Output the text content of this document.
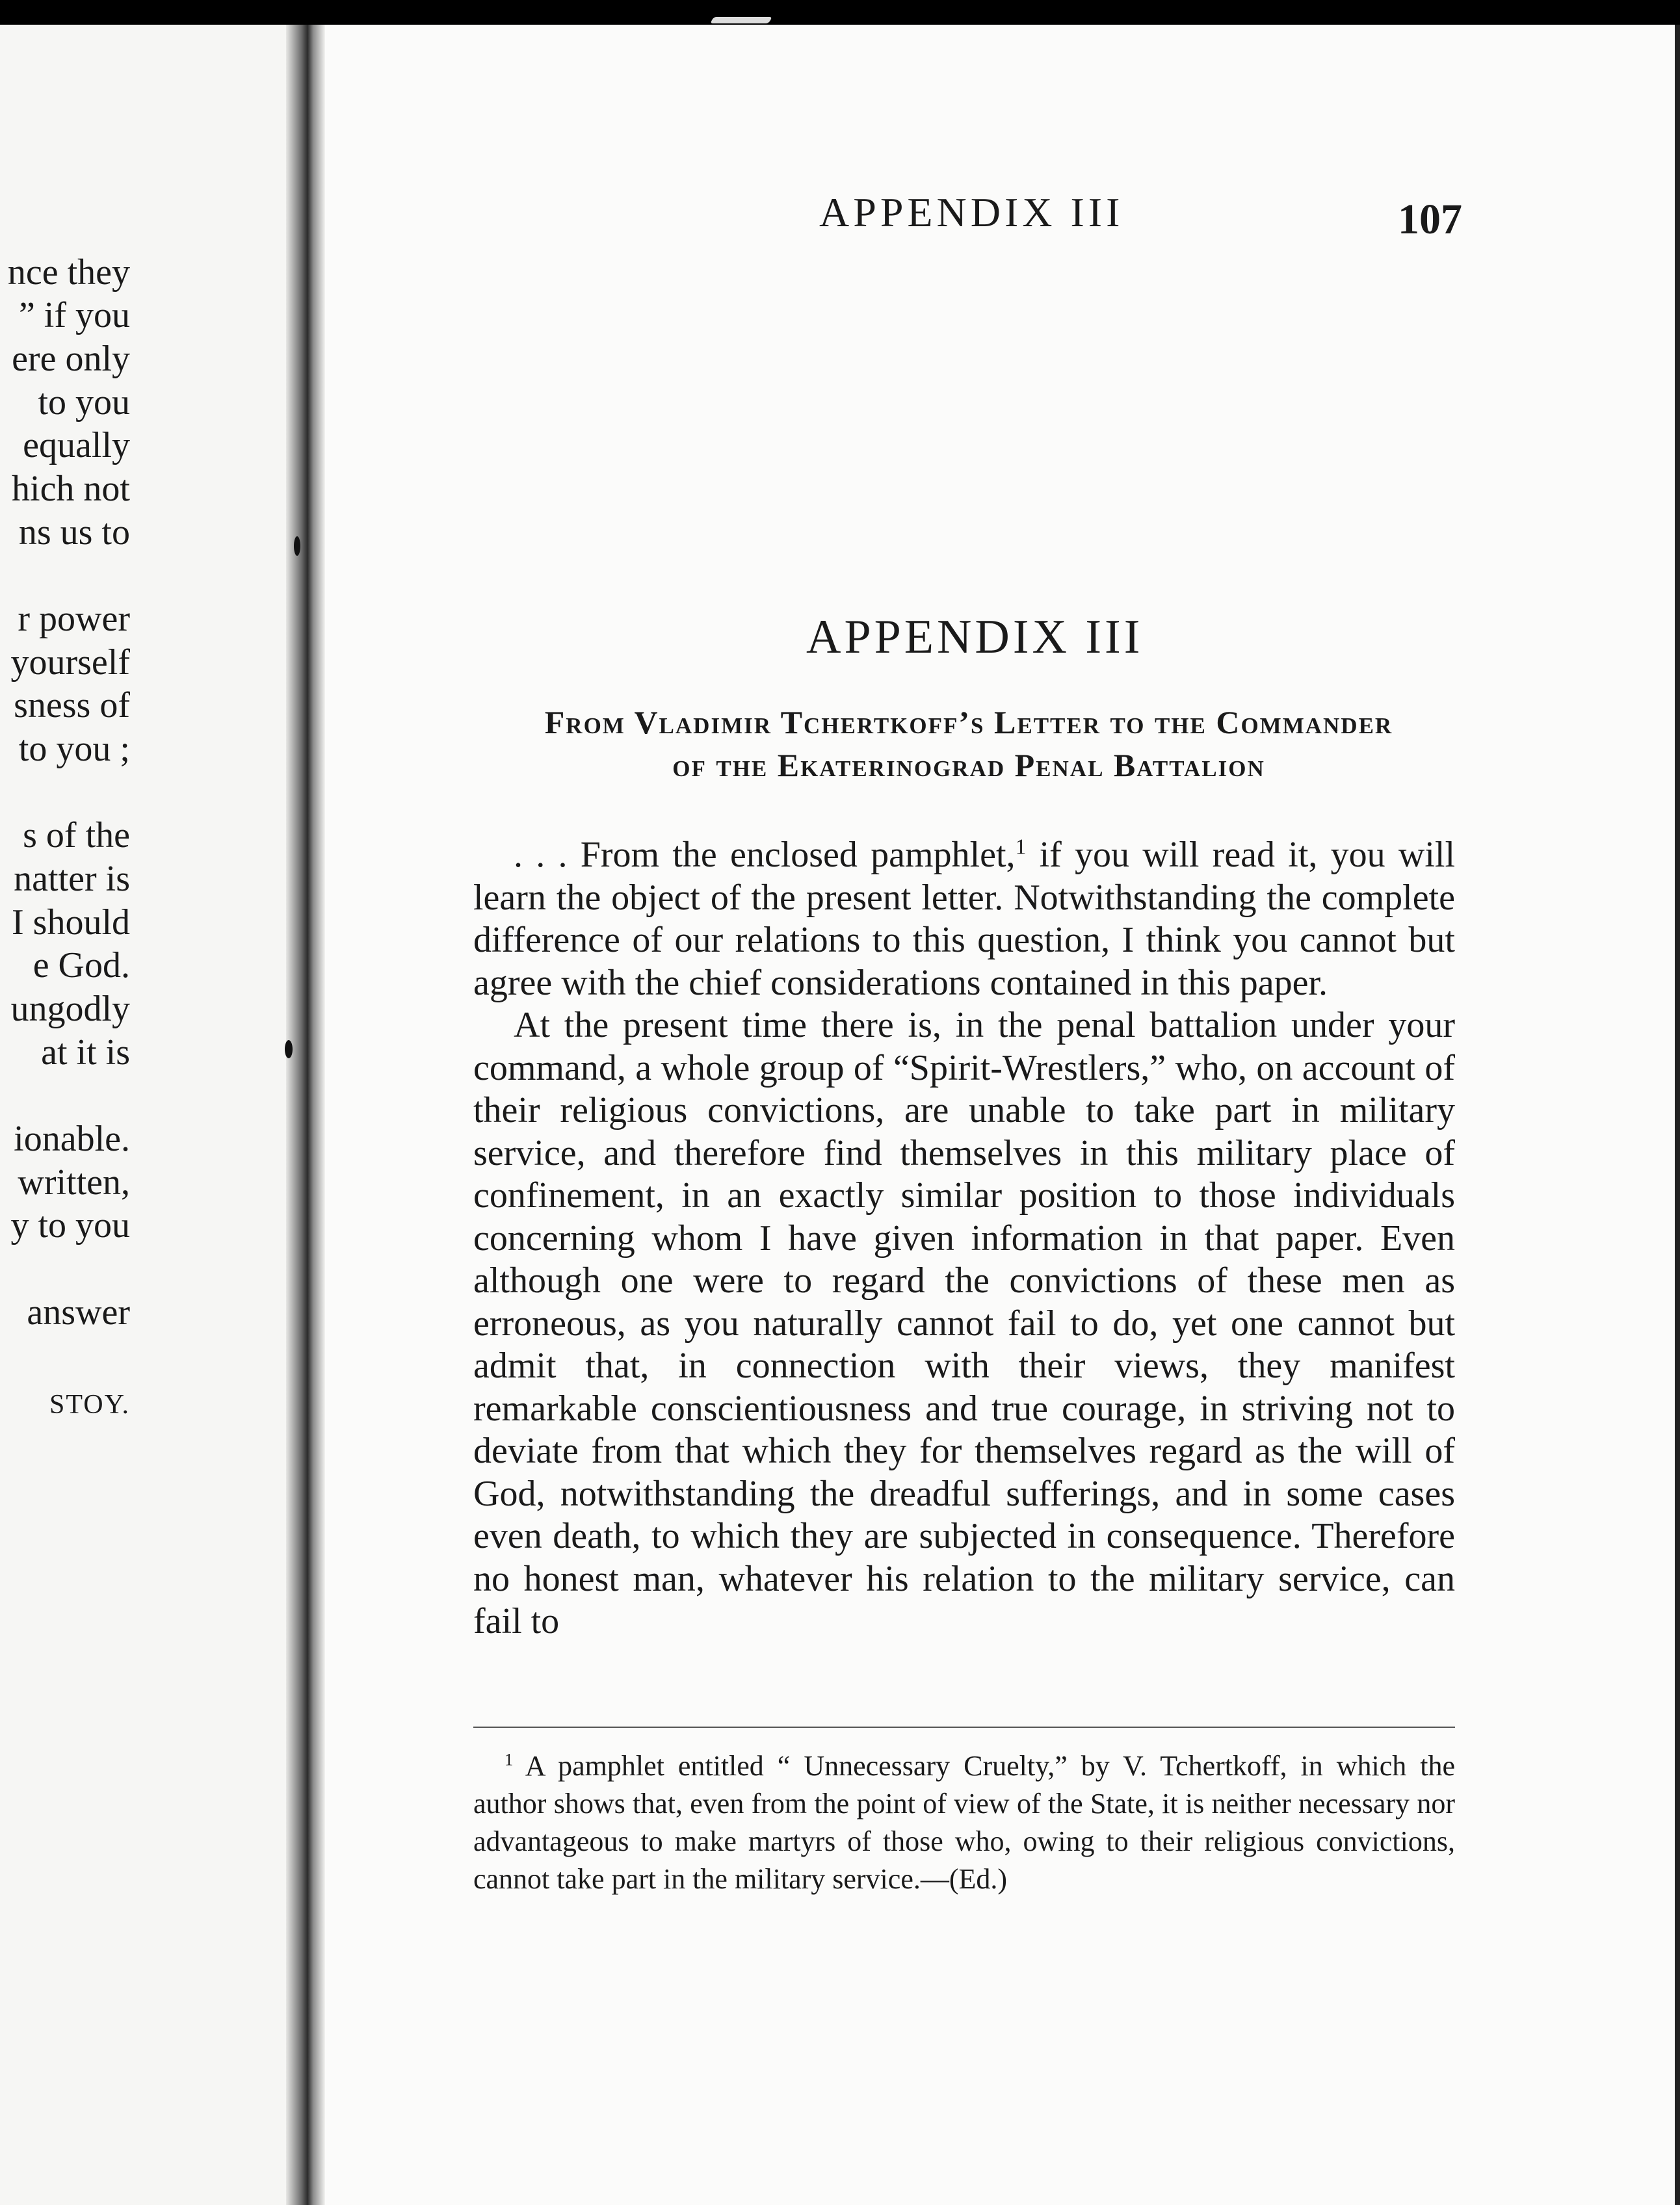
nce they
” if you
ere only
to you
equally
hich not
ns us to
r power
yourself
sness of
to you ;
s of the
natter is
I should
e God.
ungodly
at it is
ionable.
written,
y to you
answer
STOY.
APPENDIX III	107
APPENDIX III
From Vladimir Tchertkoff’s Letter to the Commander
of the Ekaterinograd Penal Battalion

. . . From the enclosed pamphlet,$^1$ if you will read it, you will learn the object of the present letter. Notwithstanding the complete difference of our relations to this question, I think you cannot but agree with the chief considerations contained in this paper.

At the present time there is, in the penal battalion under your command, a whole group of “Spirit-Wrestlers,” who, on account of their religious convictions, are unable to take part in military service, and therefore find themselves in this military place of confinement, in an exactly similar position to those individuals concerning whom I have given information in that paper. Even although one were to regard the convictions of these men as erroneous, as you naturally cannot fail to do, yet one cannot but admit that, in connection with their views, they manifest remarkable conscientiousness and true courage, in striving not to deviate from that which they for themselves regard as the will of God, notwithstanding the dreadful sufferings, and in some cases even death, to which they are subjected in consequence. Therefore no honest man, whatever his relation to the military service, can fail to

$^1$ A pamphlet entitled “ Unnecessary Cruelty,” by V. Tchertkoff, in which the author shows that, even from the point of view of the State, it is neither necessary nor advantageous to make martyrs of those who, owing to their religious convictions, cannot take part in the military service.—(Ed.)
